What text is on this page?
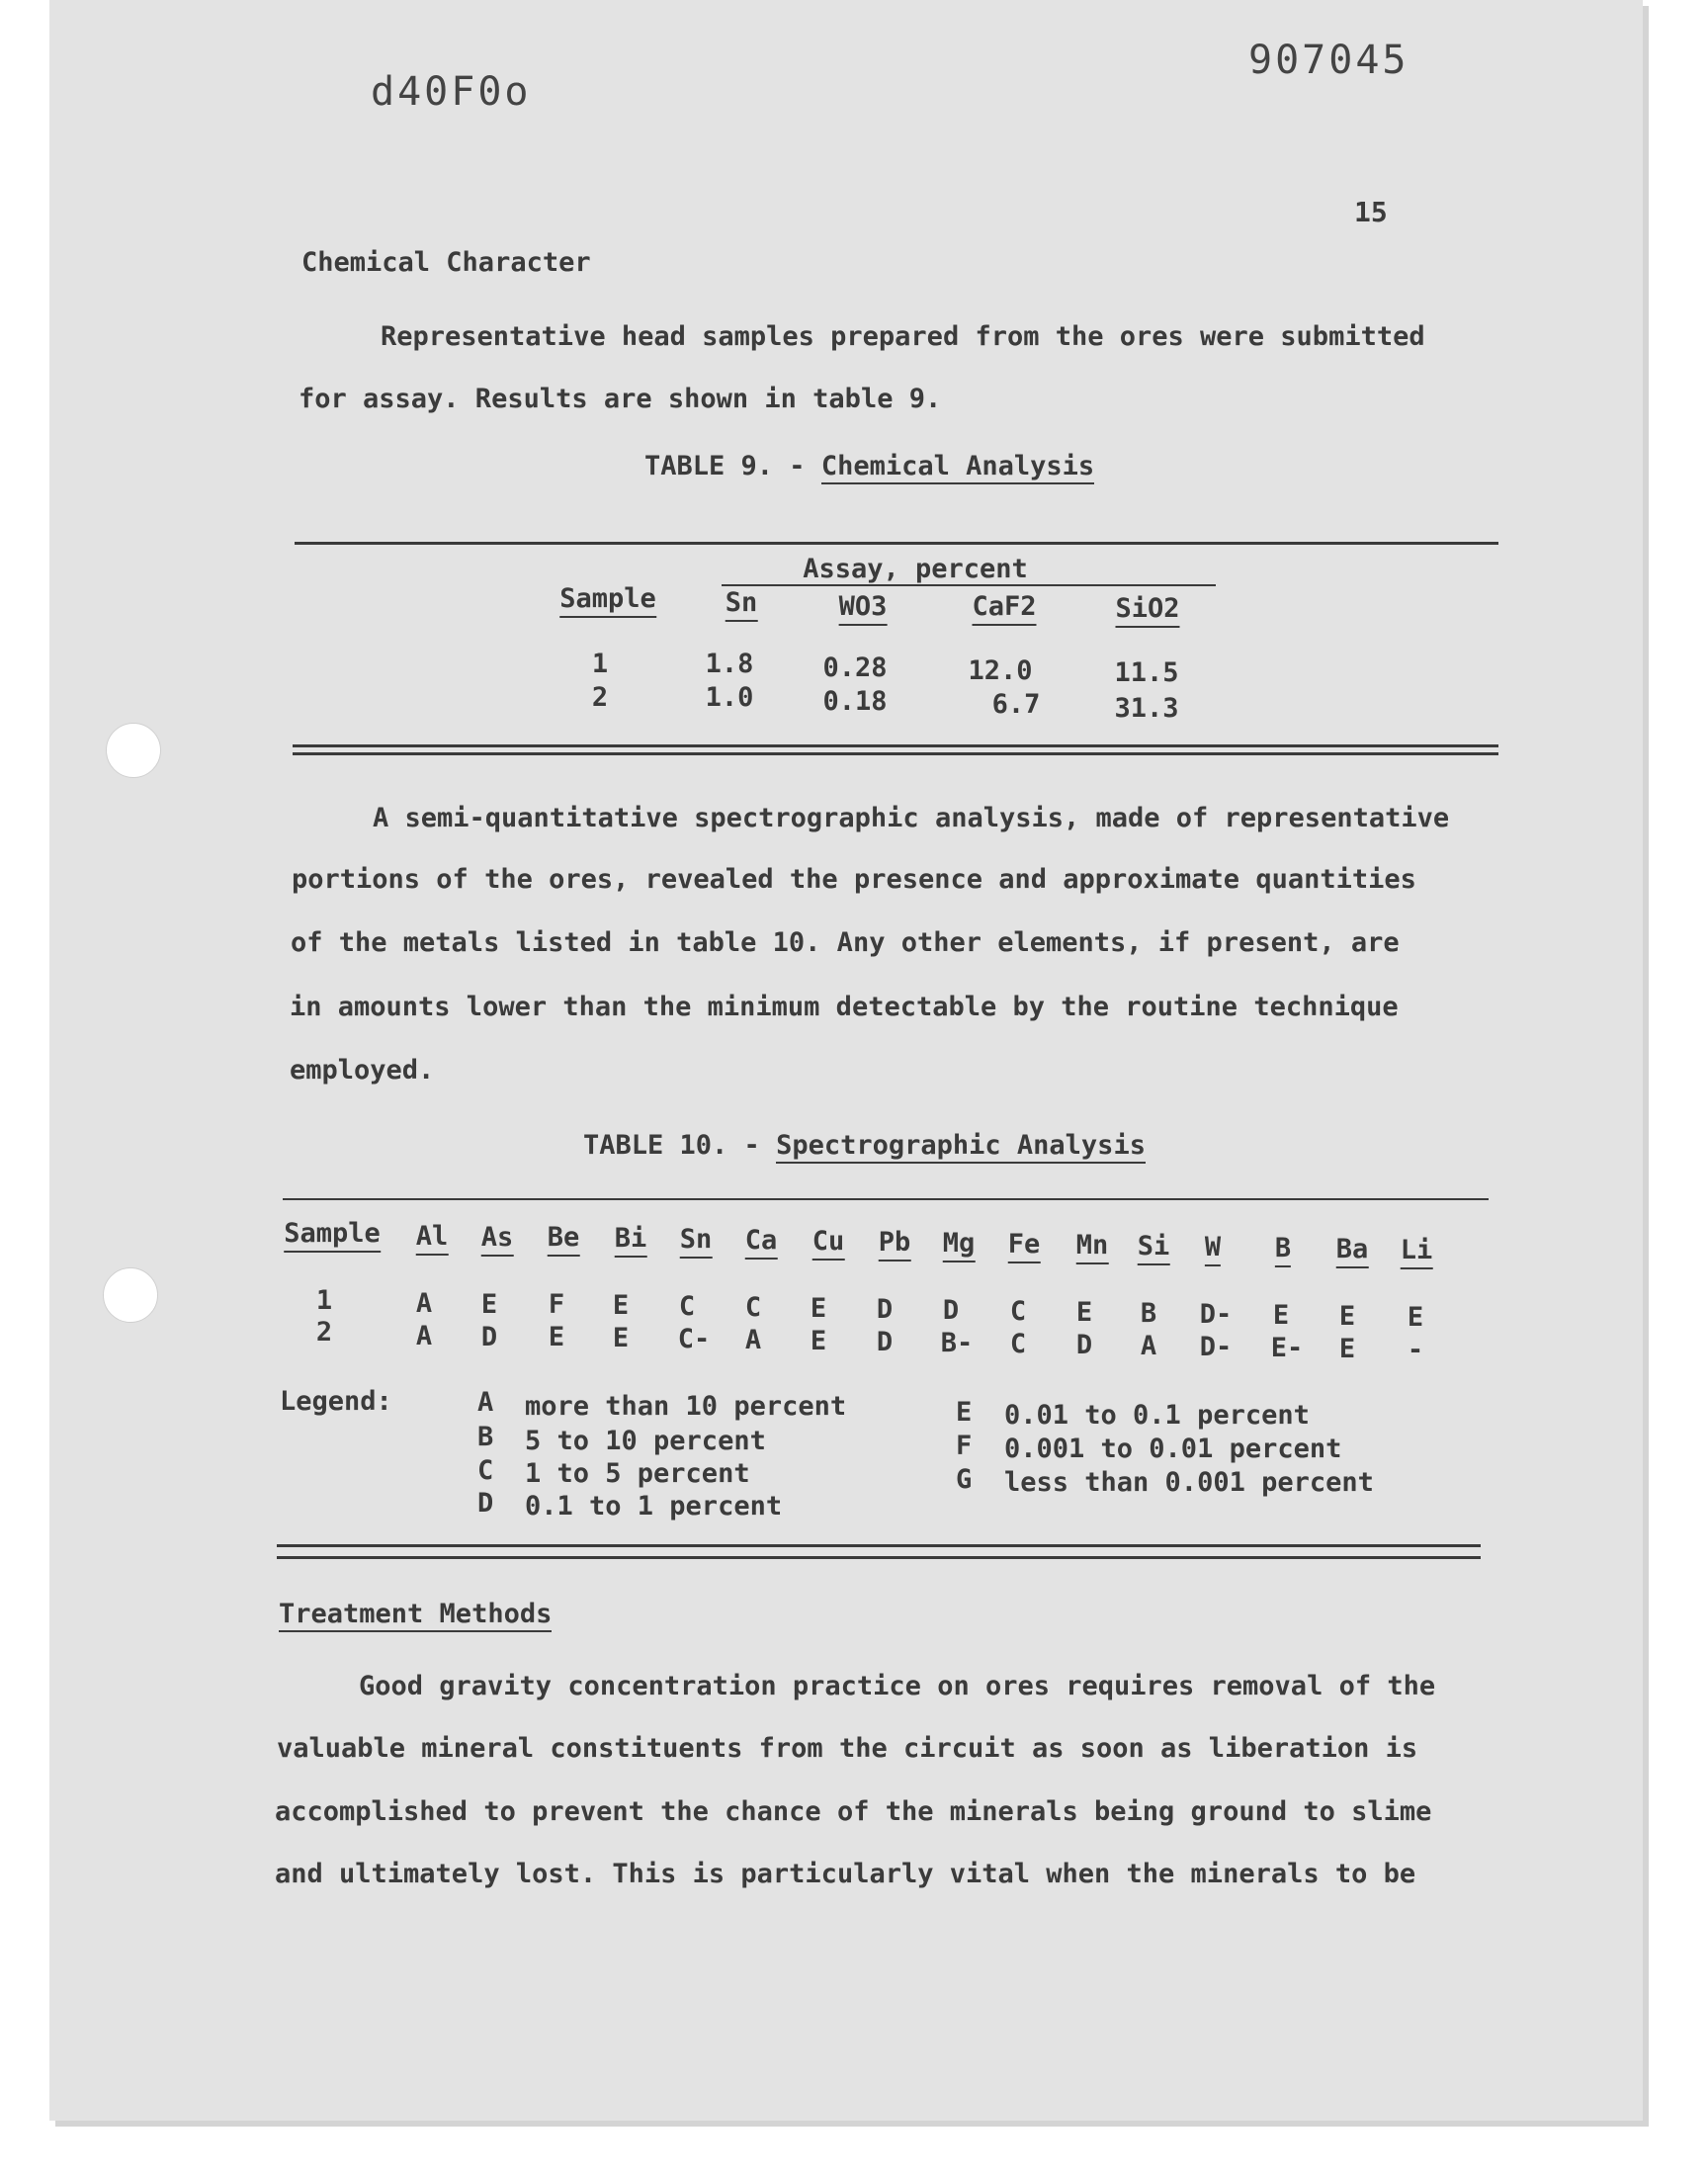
d40F0o
907045
15
Chemical Character
Representative head samples prepared from the ores were submitted
for assay. Results are shown in table 9.
TABLE 9. - Chemical Analysis
Assay, percent
Sample	Sn	WO3	CaF2	SiO2
1	1.8	0.28	12.0	11.5
2	1.0	0.18	6.7	31.3
A semi-quantitative spectrographic analysis, made of representative
portions of the ores, revealed the presence and approximate quantities
of the metals listed in table 10. Any other elements, if present, are
in amounts lower than the minimum detectable by the routine technique
employed.
TABLE 10. - Spectrographic Analysis
Sample Al As Be Bi Sn Ca Cu Pb Mg Fe Mn Si W B Ba Li
1	A E F E C C E D D C E B D- E E E
2	A D E E C- A E D B- C D A D- E- E -
Legend:	A more than 10 percent
B 5 to 10 percent
C 1 to 5 percent
D 0.1 to 1 percent
E 0.01 to 0.1 percent
F 0.001 to 0.01 percent
G less than 0.001 percent
Treatment Methods
Good gravity concentration practice on ores requires removal of the
valuable mineral constituents from the circuit as soon as liberation is
accomplished to prevent the chance of the minerals being ground to slime
and ultimately lost. This is particularly vital when the minerals to be
